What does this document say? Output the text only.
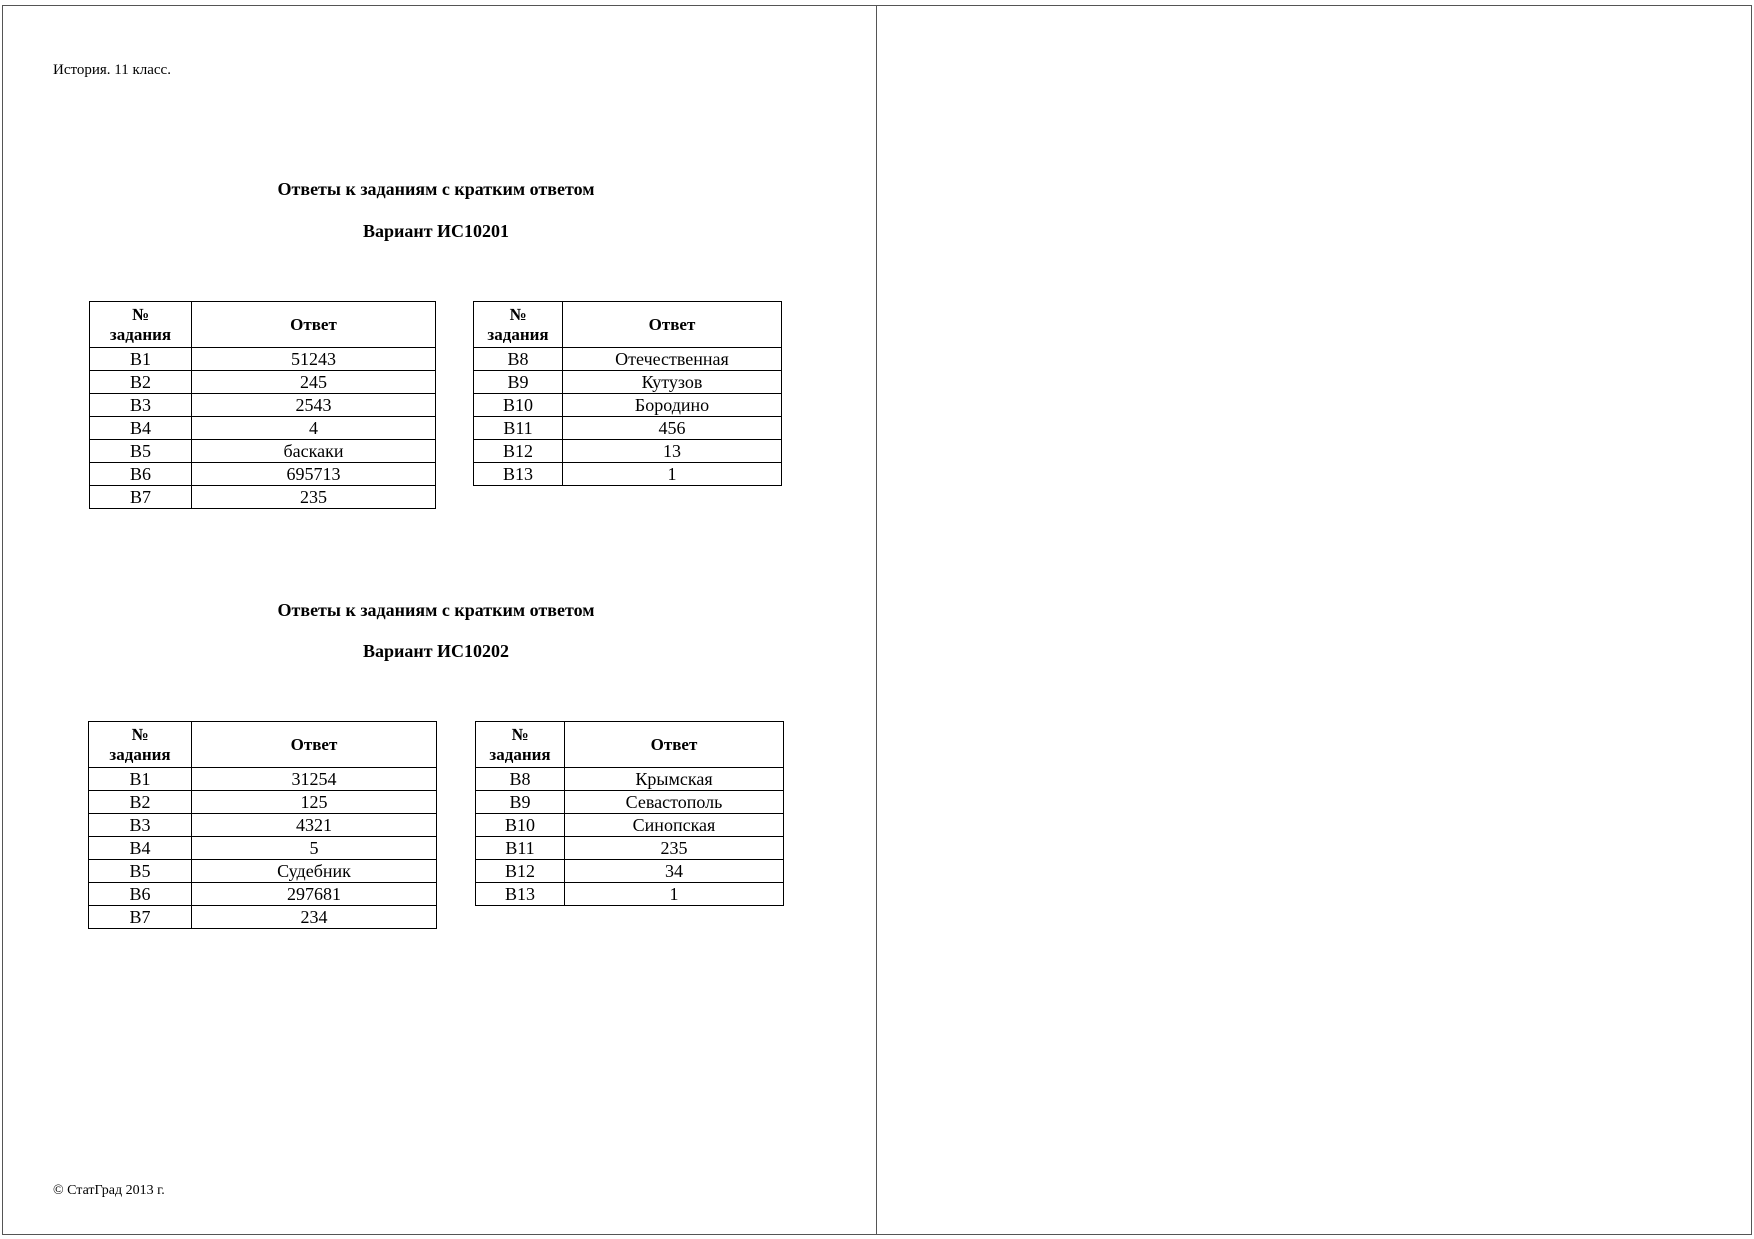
История. 11 класс.
Ответы к заданиям с кратким ответом
Вариант ИС10201
№
задания	Ответ
В1	51243
В2	245
В3	2543
В4	4
В5	баскаки
В6	695713
В7	235
№
задания	Ответ
В8	Отечественная
В9	Кутузов
В10	Бородино
В11	456
В12	13
В13	1
Ответы к заданиям с кратким ответом
Вариант ИС10202
№
задания	Ответ
В1	31254
В2	125
В3	4321
В4	5
В5	Судебник
В6	297681
В7	234
№
задания	Ответ
В8	Крымская
В9	Севастополь
В10	Синопская
В11	235
В12	34
В13	1
© СтатГрад 2013 г.
